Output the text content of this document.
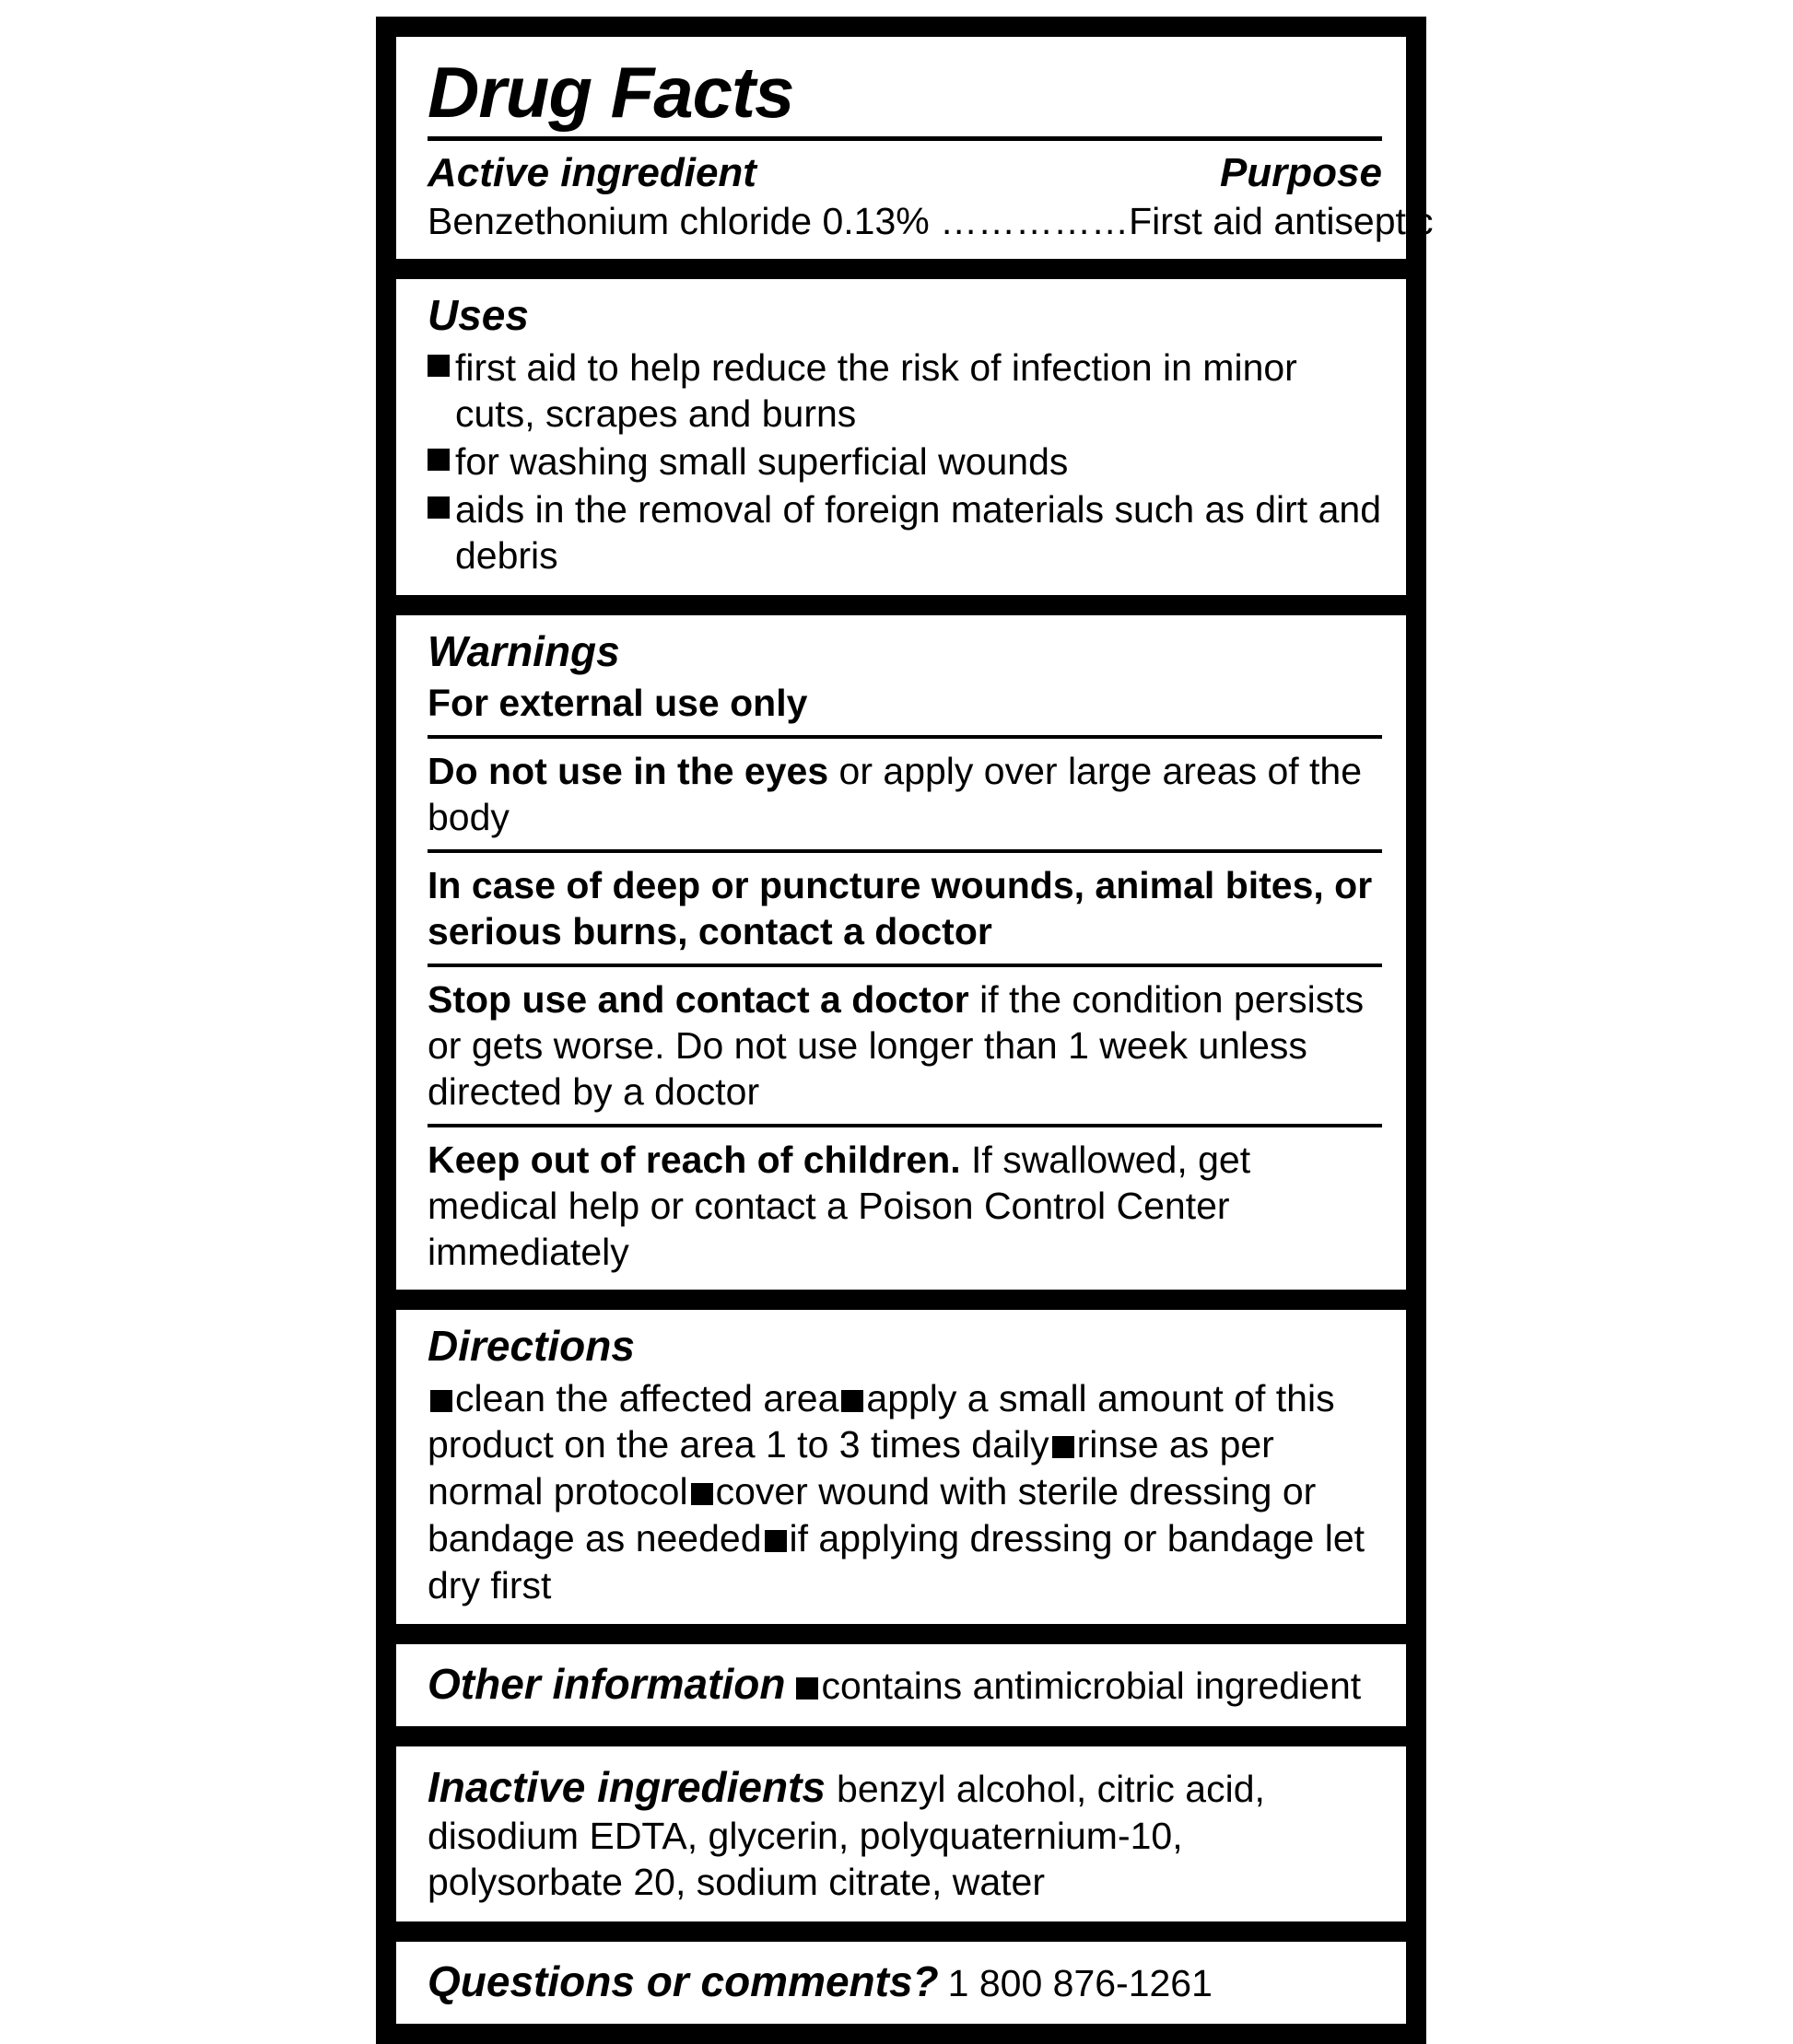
Drug Facts
Active ingredient	Purpose
Benzethonium chloride 0.13% …………… First aid antiseptic
Uses
first aid to help reduce the risk of infection in minor cuts, scrapes and burns
for washing small superficial wounds
aids in the removal of foreign materials such as dirt and debris
Warnings
For external use only
Do not use in the eyes or apply over large areas of the body
In case of deep or puncture wounds, animal bites, or serious burns, contact a doctor
Stop use and contact a doctor if the condition persists or gets worse. Do not use longer than 1 week unless directed by a doctor
Keep out of reach of children. If swallowed, get medical help or contact a Poison Control Center immediately
Directions
clean the affected area apply a small amount of this product on the area 1 to 3 times daily rinse as per normal protocol cover wound with sterile dressing or bandage as needed if applying dressing or bandage let dry first
Other information contains antimicrobial ingredient
Inactive ingredients benzyl alcohol, citric acid, disodium EDTA, glycerin, polyquaternium-10, polysorbate 20, sodium citrate, water
Questions or comments? 1 800 876-1261
